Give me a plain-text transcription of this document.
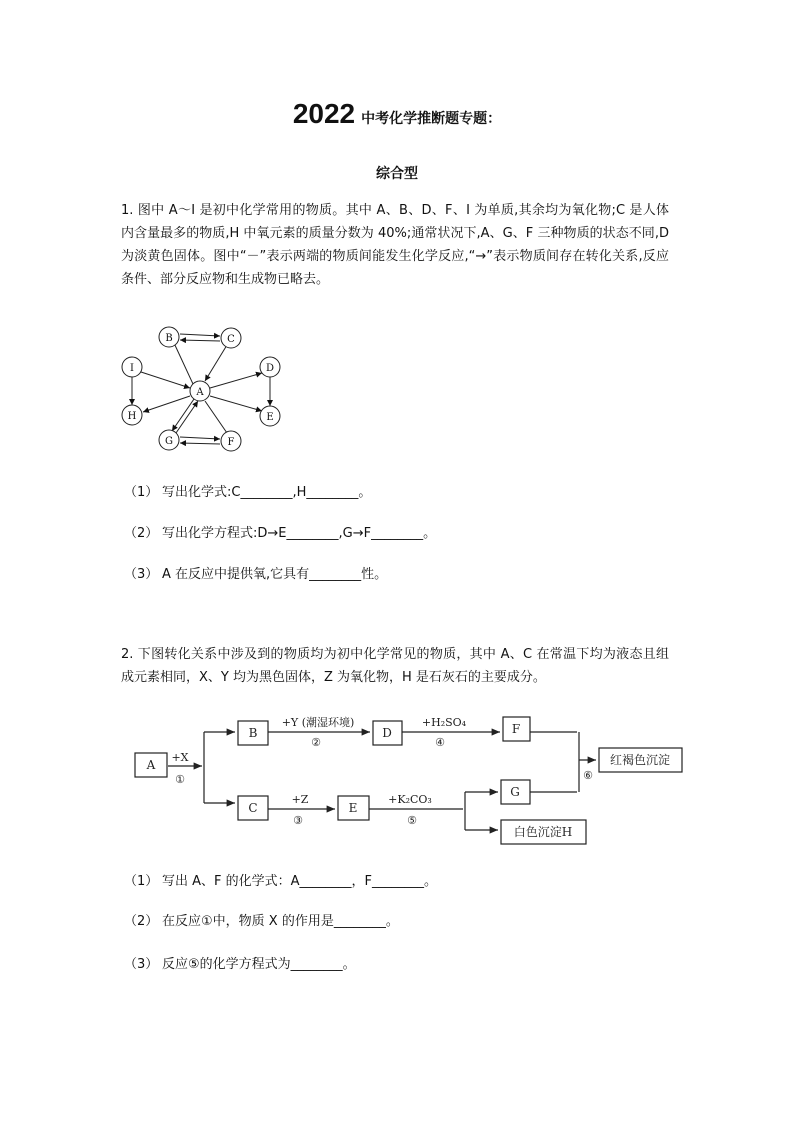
2022 中考化学推断题专题：
综合型
1. 图中 A～I 是初中化学常用的物质。其中 A、B、D、F、I 为单质,其余均为氧化物;C 是人体内含量最多的物质,H 中氧元素的质量分数为 40%;通常状况下,A、G、F 三种物质的状态不同,D 为淡黄色固体。图中“－”表示两端的物质间能发生化学反应,“→”表示物质间存在转化关系,反应条件、部分反应物和生成物已略去。
B	C
I
A
D
H	E
G	F
（1） 写出化学式:C________,H________。
（2） 写出化学方程式:D→E________,G→F________。
（3） A 在反应中提供氧,它具有________性。
2. 下图转化关系中涉及到的物质均为初中化学常见的物质，其中 A、C 在常温下均为液态且组成元素相同，X、Y 均为黑色固体，Z 为氧化物，H 是石灰石的主要成分。
A
B	D	F
C	E
G
红褐色沉淀
白色沉淀H
+X
①
+Y (潮湿环境)
②
+H₂SO₄
④
+Z
③
+K₂CO₃
⑤
⑥
（1） 写出 A、F 的化学式：A________，F________。
（2） 在反应①中，物质 X 的作用是________。
（3） 反应⑤的化学方程式为________。
